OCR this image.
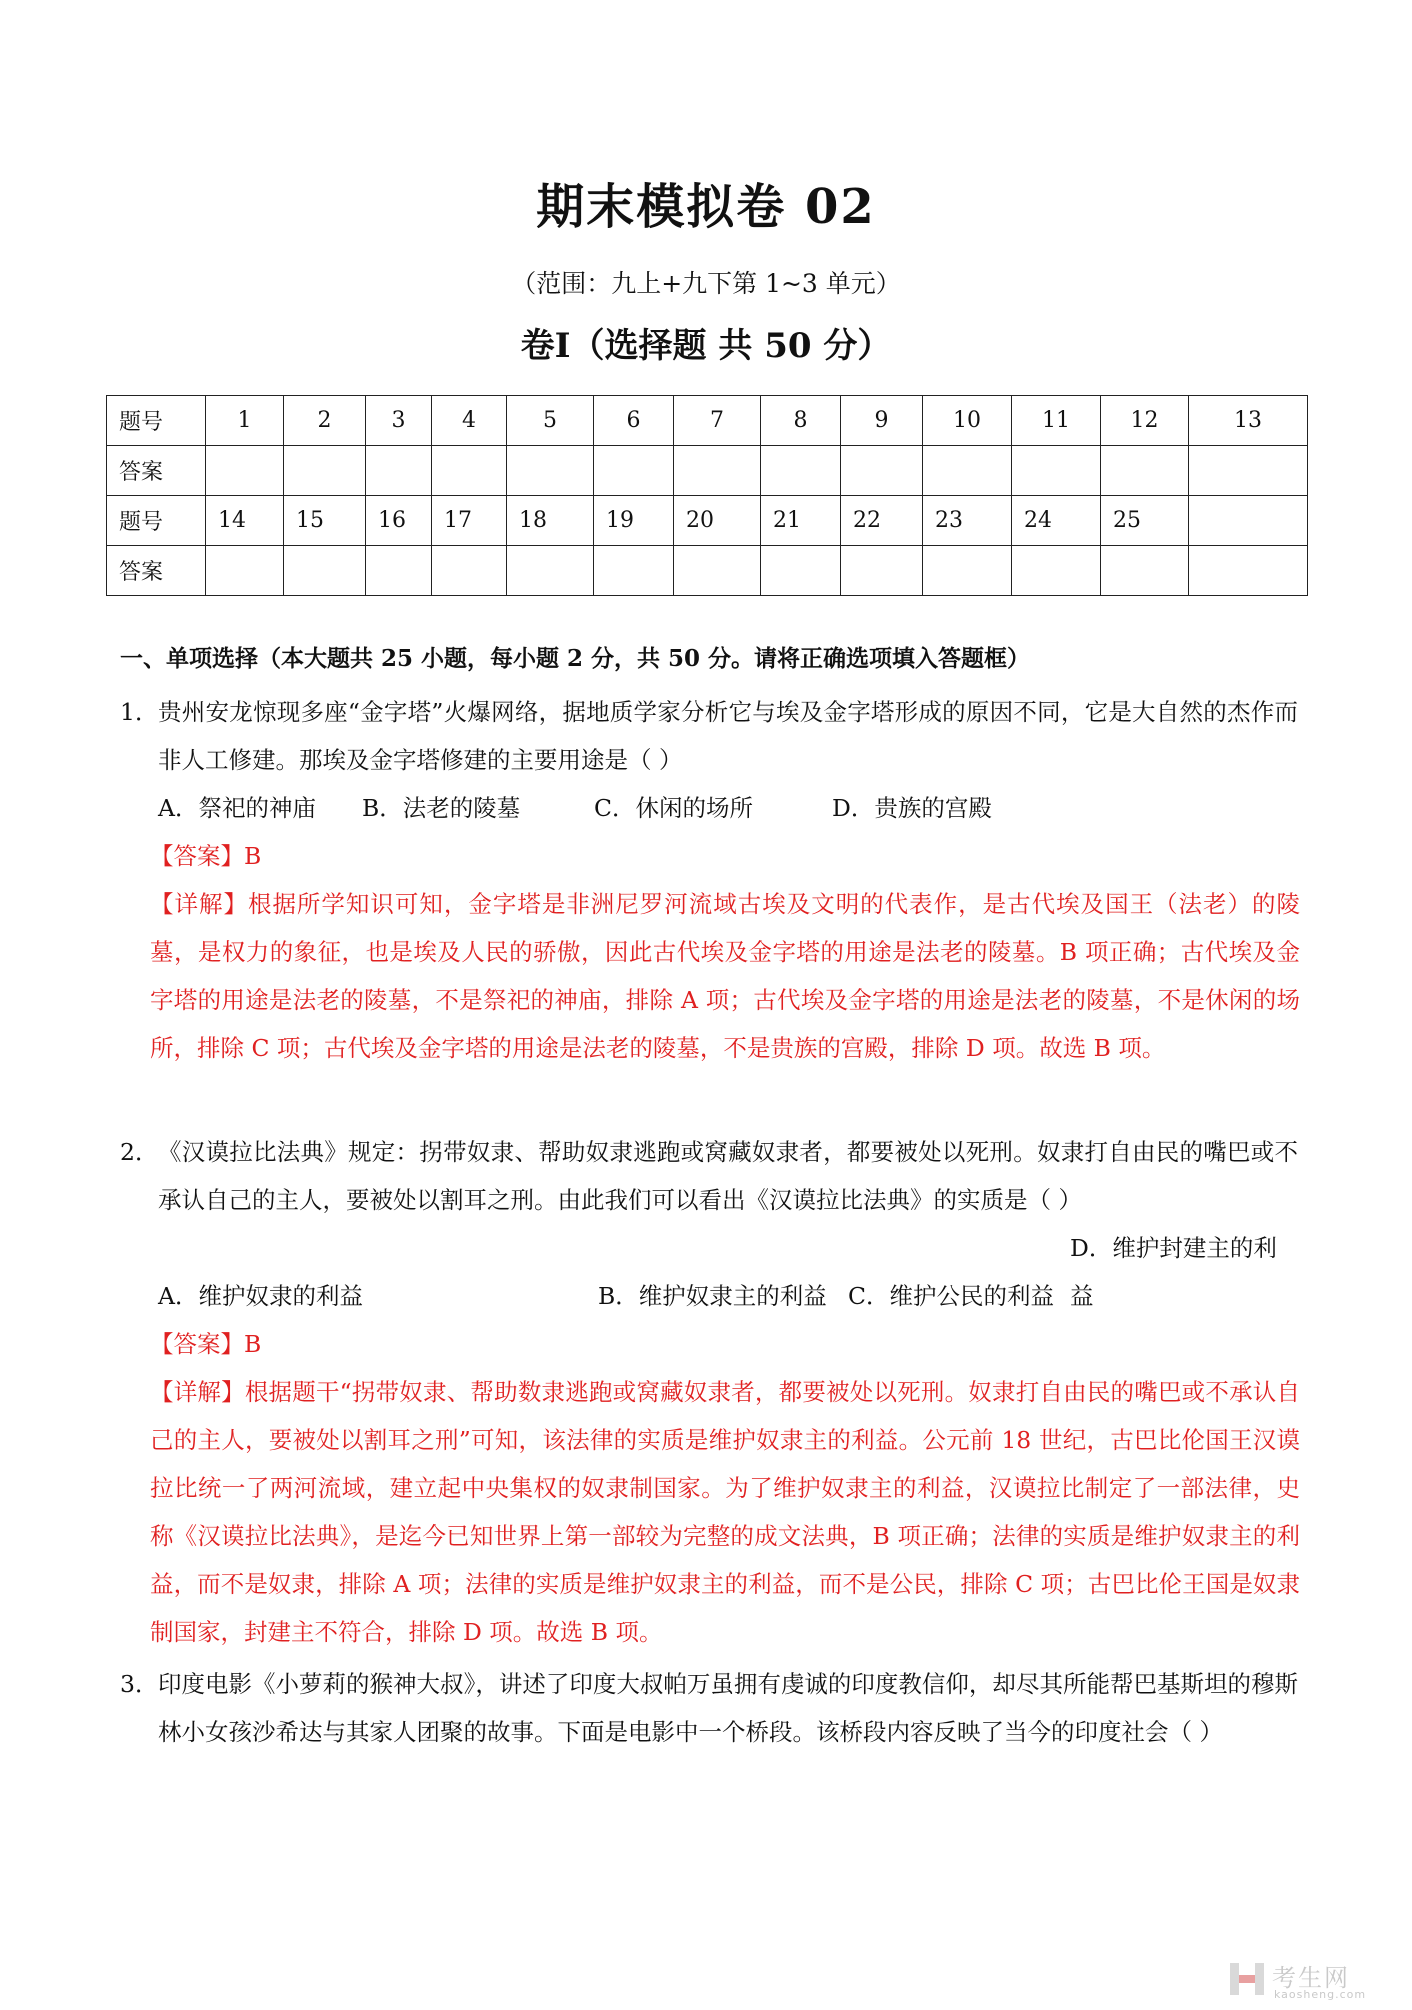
期末模拟卷 02
（范围：九上+九下第 1~3 单元）
卷Ⅰ（选择题 共 50 分）
题号	1	2	3	4	5	6	7	8	9	10	11	12	13
答案													
题号	14	15	16	17	18	19	20	21	22	23	24	25	
答案													
一、单项选择（本大题共 25 小题，每小题 2 分，共 50 分。请将正确选项填入答题框）
1． 贵州安龙惊现多座“金字塔”火爆网络，据地质学家分析它与埃及金字塔形成的原因不同，它是大自然的杰作而非人工修建。那埃及金字塔修建的主要用途是（ ）
A．祭祀的神庙 B．法老的陵墓	C．休闲的场所	D．贵族的宫殿
【答案】B
【详解】根据所学知识可知，金字塔是非洲尼罗河流域古埃及文明的代表作，是古代埃及国王（法老）的陵墓，是权力的象征，也是埃及人民的骄傲，因此古代埃及金字塔的用途是法老的陵墓。B 项正确；古代埃及金字塔的用途是法老的陵墓，不是祭祀的神庙，排除 A 项；古代埃及金字塔的用途是法老的陵墓，不是休闲的场所，排除 C 项；古代埃及金字塔的用途是法老的陵墓，不是贵族的宫殿，排除 D 项。故选 B 项。
2． 《汉谟拉比法典》规定：拐带奴隶、帮助奴隶逃跑或窝藏奴隶者，都要被处以死刑。奴隶打自由民的嘴巴或不承认自己的主人，要被处以割耳之刑。由此我们可以看出《汉谟拉比法典》的实质是（ ）
A．维护奴隶的利益	B．维护奴隶主的利益 C．维护公民的利益D．维护封建主的利益
【答案】B
【详解】根据题干“拐带奴隶、帮助数隶逃跑或窝藏奴隶者，都要被处以死刑。奴隶打自由民的嘴巴或不承认自己的主人，要被处以割耳之刑”可知，该法律的实质是维护奴隶主的利益。公元前 18 世纪，古巴比伦国王汉谟拉比统一了两河流域，建立起中央集权的奴隶制国家。为了维护奴隶主的利益，汉谟拉比制定了一部法律，史称《汉谟拉比法典》，是迄今已知世界上第一部较为完整的成文法典，B 项正确；法律的实质是维护奴隶主的利益，而不是奴隶，排除 A 项；法律的实质是维护奴隶主的利益，而不是公民，排除 C 项；古巴比伦王国是奴隶制国家，封建主不符合，排除 D 项。故选 B 项。
3． 印度电影《小萝莉的猴神大叔》，讲述了印度大叔帕万虽拥有虔诚的印度教信仰，却尽其所能帮巴基斯坦的穆斯林小女孩沙希达与其家人团聚的故事。下面是电影中一个桥段。该桥段内容反映了当今的印度社会（ ）
考生网
kaosheng.com
